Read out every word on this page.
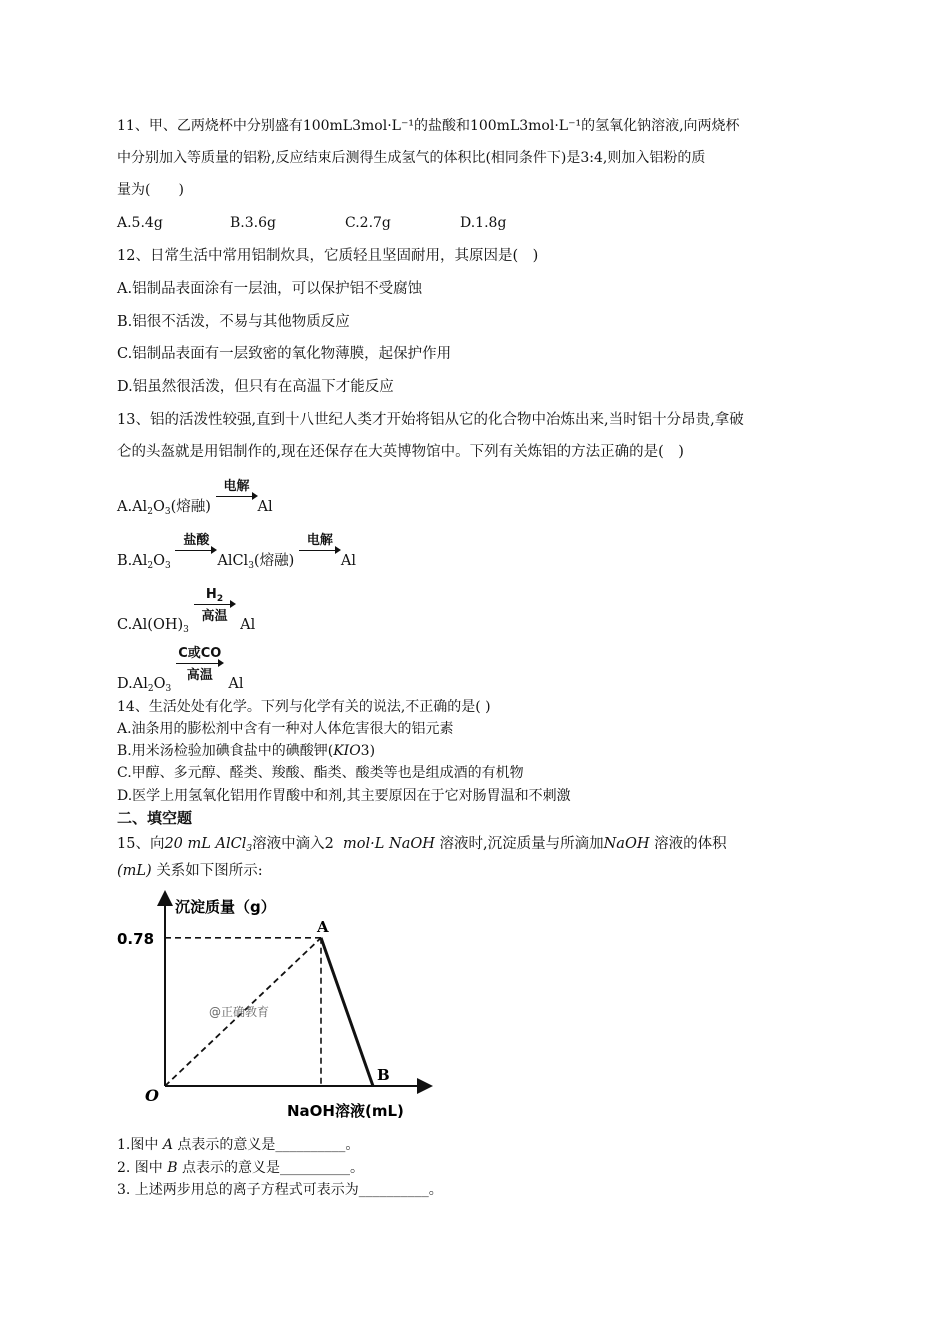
11、甲、乙两烧杯中分别盛有100mL3mol·L⁻¹的盐酸和100mL3mol·L⁻¹的氢氧化钠溶液,向两烧杯
中分别加入等质量的铝粉,反应结束后测得生成氢气的体积比(相同条件下)是3:4,则加入铝粉的质
量为(　　)
A.5.4g	B.3.6g	C.2.7g	D.1.8g
12、日常生活中常用铝制炊具，它质轻且坚固耐用，其原因是(　)
A.铝制品表面涂有一层油，可以保护铝不受腐蚀
B.铝很不活泼，不易与其他物质反应
C.铝制品表面有一层致密的氧化物薄膜，起保护作用
D.铝虽然很活泼，但只有在高温下才能反应
13、铝的活泼性较强,直到十八世纪人类才开始将铝从它的化合物中冶炼出来,当时铝十分昂贵,拿破
仑的头盔就是用铝制作的,现在还保存在大英博物馆中。下列有关炼铝的方法正确的是(　)
$A.Al_2O_3$(熔融)
电解
Al
$B.Al_2O_3$
盐酸
AlCl$_3$(熔融)
电解
Al
$C.Al(OH)_3$
$H_2$
高温
Al
$D.Al_2O_3$
C或CO
高温
Al
14、生活处处有化学。下列与化学有关的说法,不正确的是( )
A.油条用的膨松剂中含有一种对人体危害很大的铝元素
B.用米汤检验加碘食盐中的碘酸钾(KIO3)
C.甲醇、多元醇、醛类、羧酸、酯类、酸类等也是组成酒的有机物
D.医学上用氢氧化铝用作胃酸中和剂,其主要原因在于它对肠胃温和不刺激
二、填空题
15、向20 mL AlCl$_3$溶液中滴入2 mol·L NaOH 溶液时,沉淀质量与所滴加NaOH 溶液的体积
(mL) 关系如下图所示:
沉淀质量（g）
NaOH溶液(mL)
0.78
O
A
B
@正确教育
1.图中 A 点表示的意义是__________。
2. 图中 B 点表示的意义是__________。
3. 上述两步用总的离子方程式可表示为__________。
